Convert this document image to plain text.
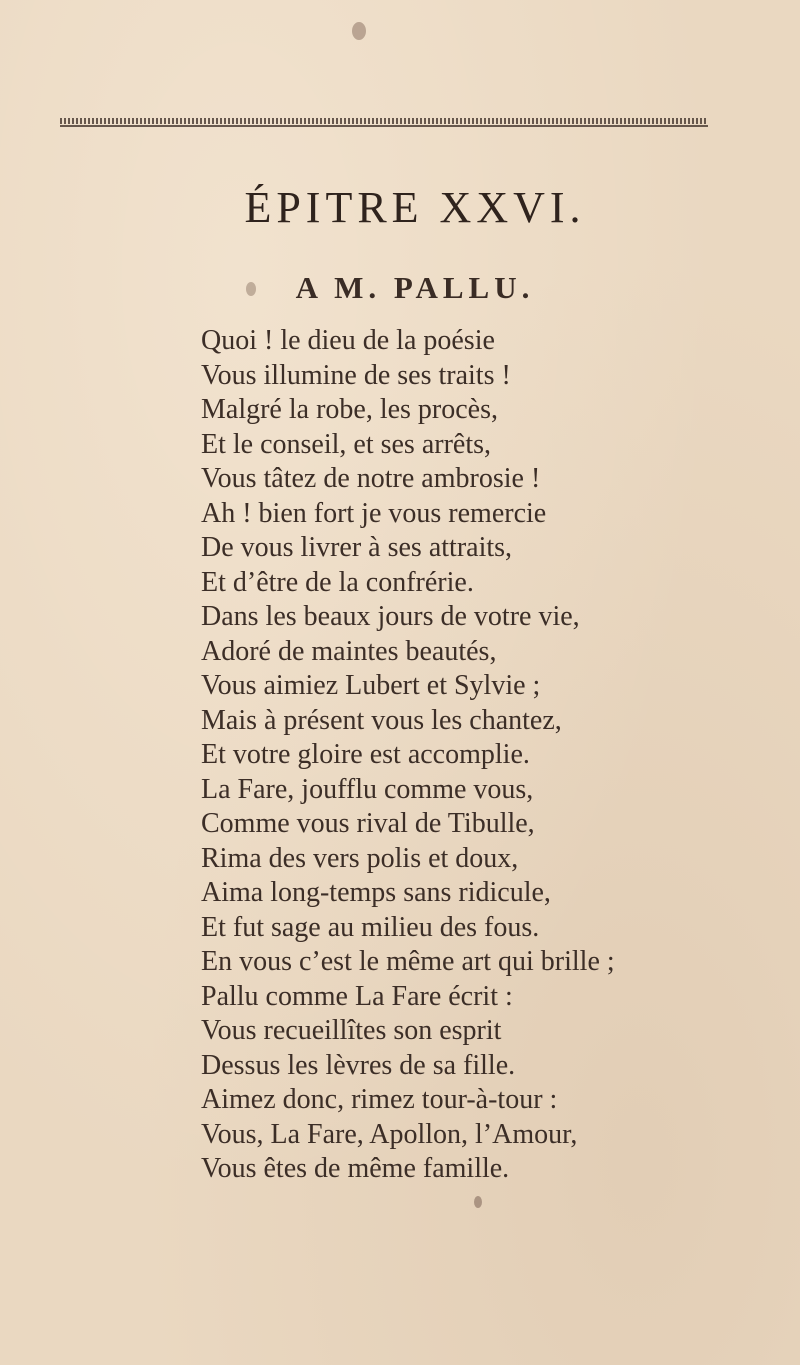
ÉPITRE XXVI.
A M. PALLU.
Quoi ! le dieu de la poésie
Vous illumine de ses traits !
Malgré la robe, les procès,
Et le conseil, et ses arrêts,
Vous tâtez de notre ambrosie !
Ah ! bien fort je vous remercie
De vous livrer à ses attraits,
Et d’être de la confrérie.
Dans les beaux jours de votre vie,
Adoré de maintes beautés,
Vous aimiez Lubert et Sylvie ;
Mais à présent vous les chantez,
Et votre gloire est accomplie.
La Fare, joufflu comme vous,
Comme vous rival de Tibulle,
Rima des vers polis et doux,
Aima long-temps sans ridicule,
Et fut sage au milieu des fous.
En vous c’est le même art qui brille ;
Pallu comme La Fare écrit :
Vous recueillîtes son esprit
Dessus les lèvres de sa fille.
Aimez donc, rimez tour-à-tour :
Vous, La Fare, Apollon, l’Amour,
Vous êtes de même famille.
